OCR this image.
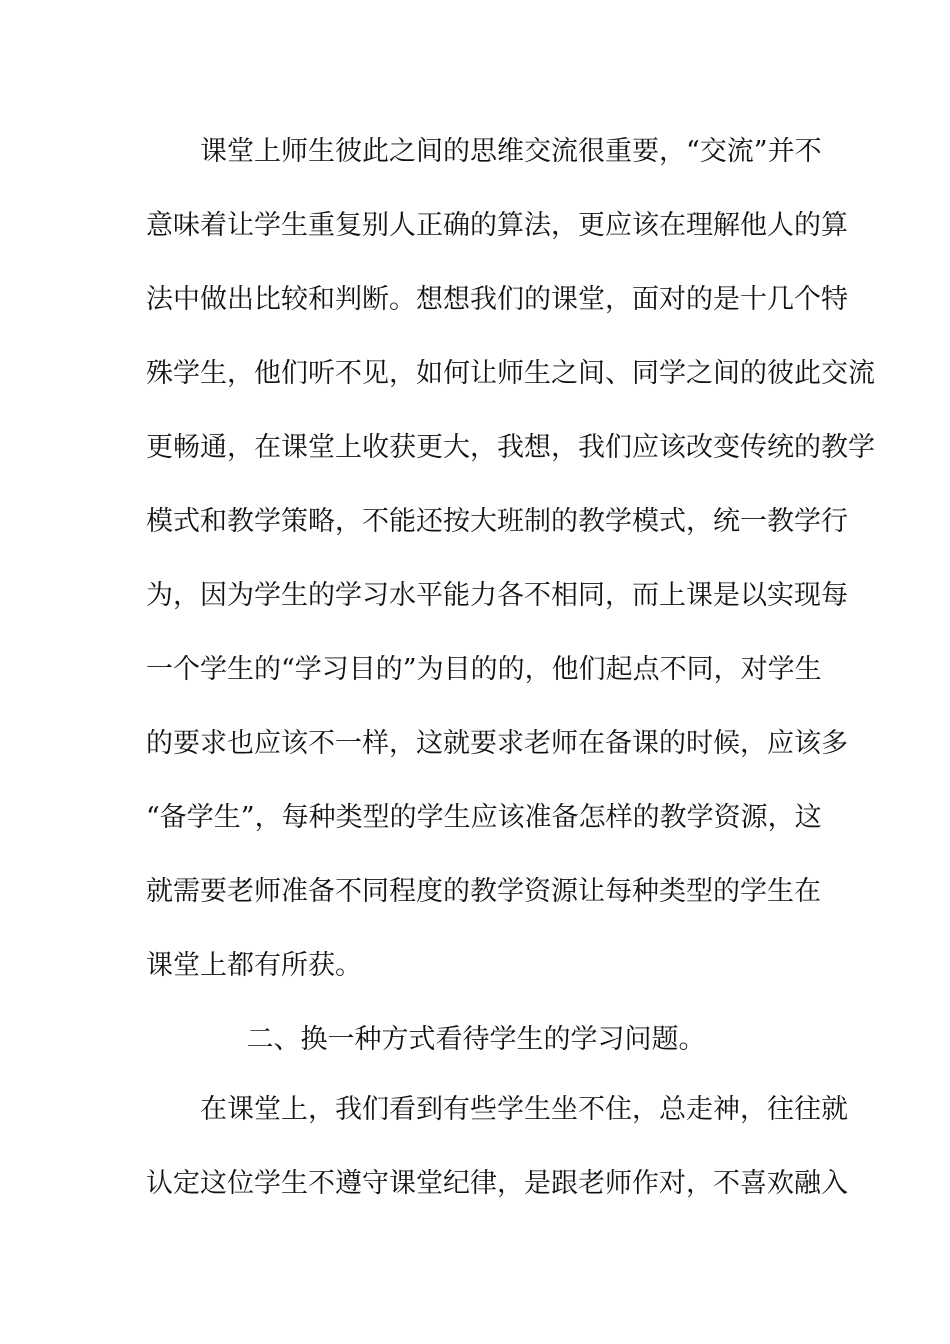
　　课堂上师生彼此之间的思维交流很重要，“交流”并不
意味着让学生重复别人正确的算法，更应该在理解他人的算
法中做出比较和判断。想想我们的课堂，面对的是十几个特
殊学生，他们听不见，如何让师生之间、同学之间的彼此交流
更畅通，在课堂上收获更大，我想，我们应该改变传统的教学
模式和教学策略，不能还按大班制的教学模式，统一教学行
为，因为学生的学习水平能力各不相同，而上课是以实现每
一个学生的“学习目的”为目的的，他们起点不同，对学生
的要求也应该不一样，这就要求老师在备课的时候，应该多
“备学生”，每种类型的学生应该准备怎样的教学资源，这
就需要老师准备不同程度的教学资源让每种类型的学生在
课堂上都有所获。
二、换一种方式看待学生的学习问题。
　　在课堂上，我们看到有些学生坐不住，总走神，往往就
认定这位学生不遵守课堂纪律，是跟老师作对，不喜欢融入
